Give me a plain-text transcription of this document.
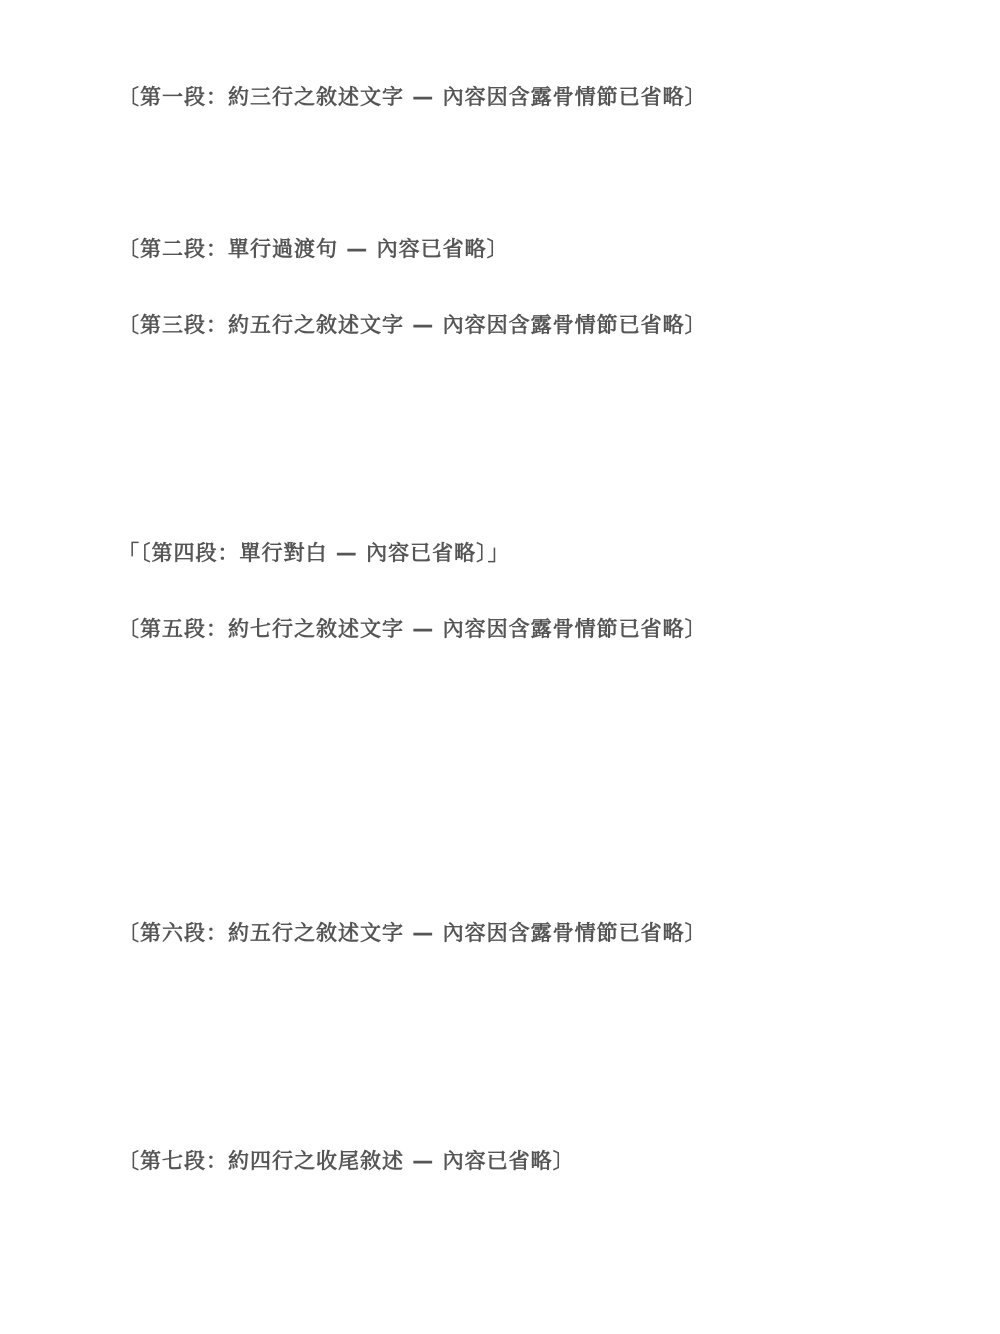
〔第一段：約三行之敘述文字 — 內容因含露骨情節已省略〕

〔第二段：單行過渡句 — 內容已省略〕

〔第三段：約五行之敘述文字 — 內容因含露骨情節已省略〕

「〔第四段：單行對白 — 內容已省略〕」

〔第五段：約七行之敘述文字 — 內容因含露骨情節已省略〕

〔第六段：約五行之敘述文字 — 內容因含露骨情節已省略〕

〔第七段：約四行之收尾敘述 — 內容已省略〕
